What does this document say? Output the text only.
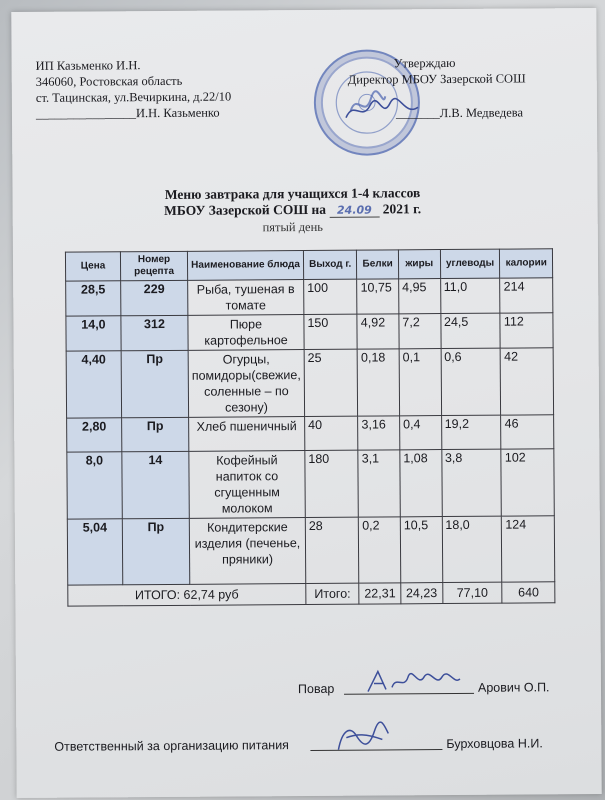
ИП Казьменко И.Н.
346060, Ростовская область
ст. Тацинская, ул.Вечиркина, д.22/10
________________И.Н. Казьменко
Утверждаю
Директор МБОУ Зазерской СОШ
_______Л.В. Медведева
Меню завтрака для учащихся 1-4 классов
МБОУ Зазерской СОШ на 24.09 2021 г.
пятый день
Цена	Номер рецепта	Наименование блюда	Выход г.	Белки	жиры	углеводы	калории
28,5	229	Рыба, тушеная в томате	100	10,75	4,95	11,0	214
14,0	312	Пюре картофельное	150	4,92	7,2	24,5	112
4,40	Пр	Огурцы, помидоры(свежие, соленные – по сезону)	25	0,18	0,1	0,6	42
2,80	Пр	Хлеб пшеничный	40	3,16	0,4	19,2	46
8,0	14	Кофейный напиток со сгущенным молоком	180	3,1	1,08	3,8	102
5,04	Пр	Кондитерские изделия (печенье, пряники)	28	0,2	10,5	18,0	124
ИТОГО: 62,74 руб			Итого:	22,31	24,23	77,10	640
Повар	Арович О.П.
Ответственный за организацию питания	Бурховцова Н.И.
